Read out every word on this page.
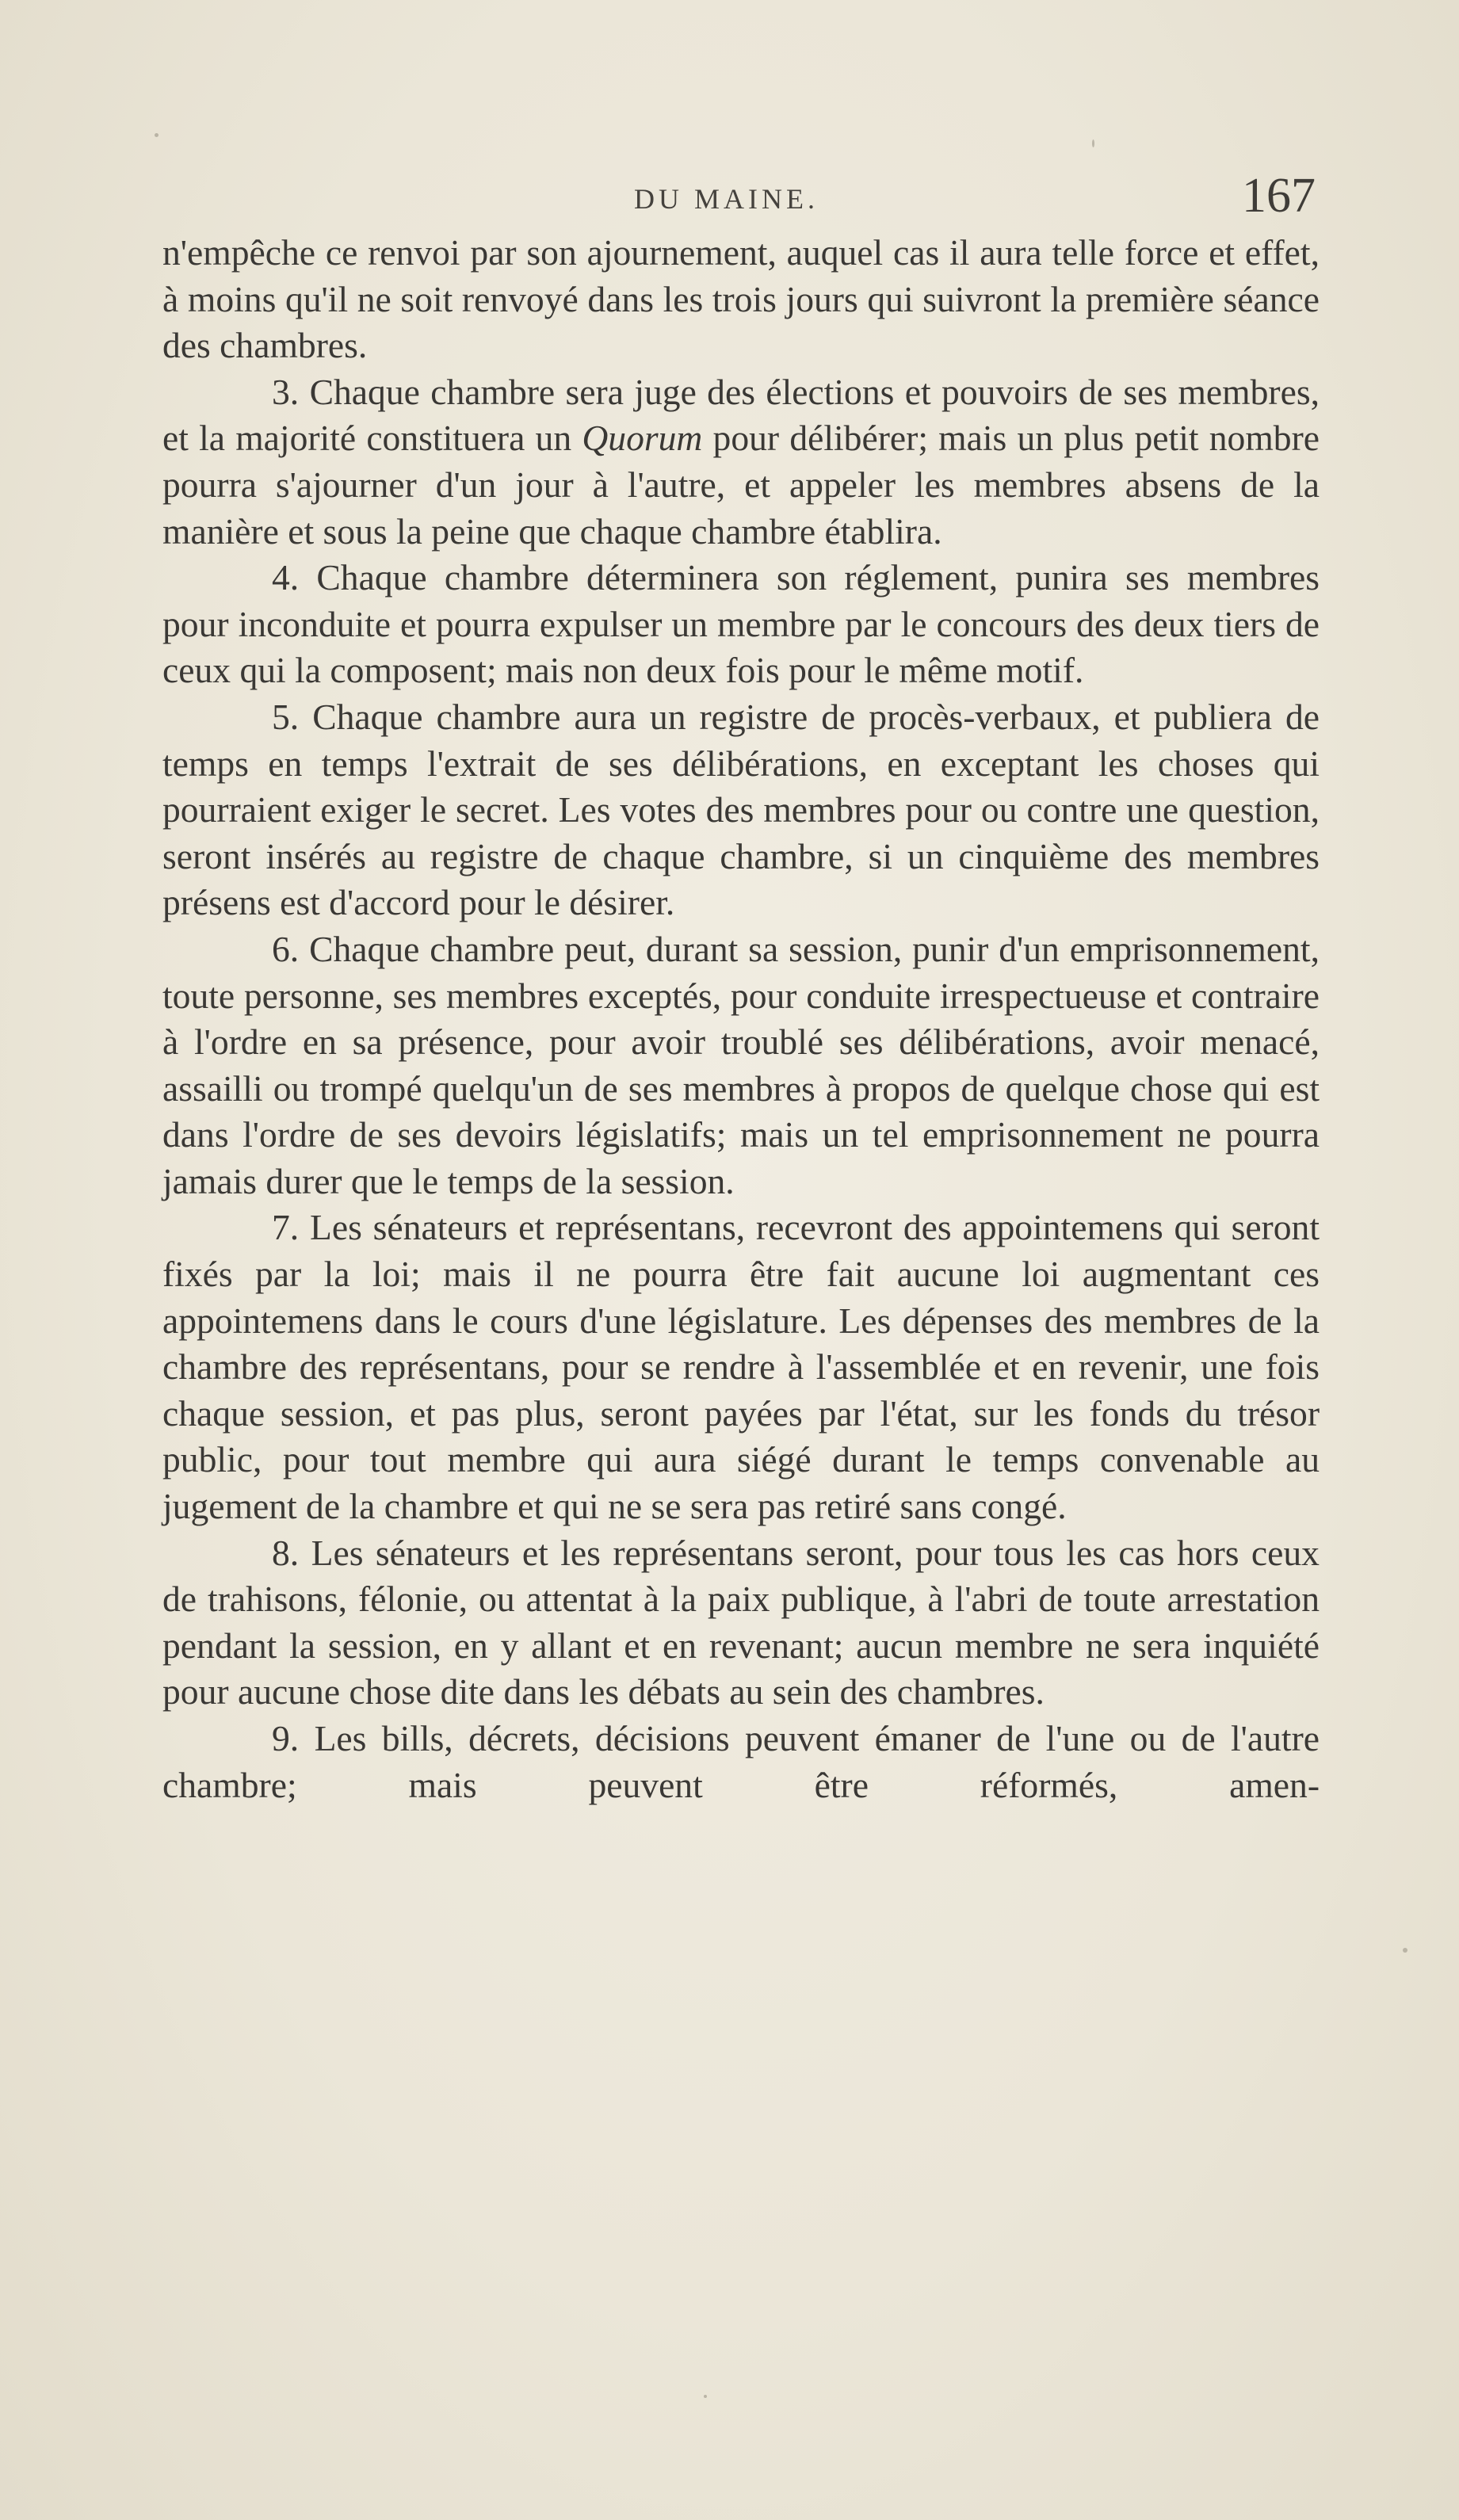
DU MAINE.	167

n'empêche ce renvoi par son ajournement, auquel cas il aura telle force et effet, à moins qu'il ne soit renvoyé dans les trois jours qui suivront la première séance des chambres.

3. Chaque chambre sera juge des élections et pouvoirs de ses membres, et la majorité constituera un Quorum pour délibérer; mais un plus petit nombre pourra s'ajourner d'un jour à l'autre, et appeler les membres absens de la manière et sous la peine que chaque chambre établira.

4. Chaque chambre déterminera son réglement, punira ses membres pour inconduite et pourra expulser un membre par le concours des deux tiers de ceux qui la composent; mais non deux fois pour le même motif.

5. Chaque chambre aura un registre de procès-verbaux, et publiera de temps en temps l'extrait de ses délibérations, en exceptant les choses qui pourraient exiger le secret. Les votes des membres pour ou contre une question, seront insérés au registre de chaque chambre, si un cinquième des membres présens est d'accord pour le désirer.

6. Chaque chambre peut, durant sa session, punir d'un emprisonnement, toute personne, ses membres exceptés, pour conduite irrespectueuse et contraire à l'ordre en sa présence, pour avoir troublé ses délibérations, avoir menacé, assailli ou trompé quelqu'un de ses membres à propos de quelque chose qui est dans l'ordre de ses devoirs législatifs; mais un tel emprisonnement ne pourra jamais durer que le temps de la session.

7. Les sénateurs et représentans, recevront des appointemens qui seront fixés par la loi; mais il ne pourra être fait aucune loi augmentant ces appointemens dans le cours d'une législature. Les dépenses des membres de la chambre des représentans, pour se rendre à l'assemblée et en revenir, une fois chaque session, et pas plus, seront payées par l'état, sur les fonds du trésor public, pour tout membre qui aura siégé durant le temps convenable au jugement de la chambre et qui ne se sera pas retiré sans congé.

8. Les sénateurs et les représentans seront, pour tous les cas hors ceux de trahisons, félonie, ou attentat à la paix publique, à l'abri de toute arrestation pendant la session, en y allant et en revenant; aucun membre ne sera inquiété pour aucune chose dite dans les débats au sein des chambres.

9. Les bills, décrets, décisions peuvent émaner de l'une ou de l'autre chambre; mais peuvent être réformés, amen-
